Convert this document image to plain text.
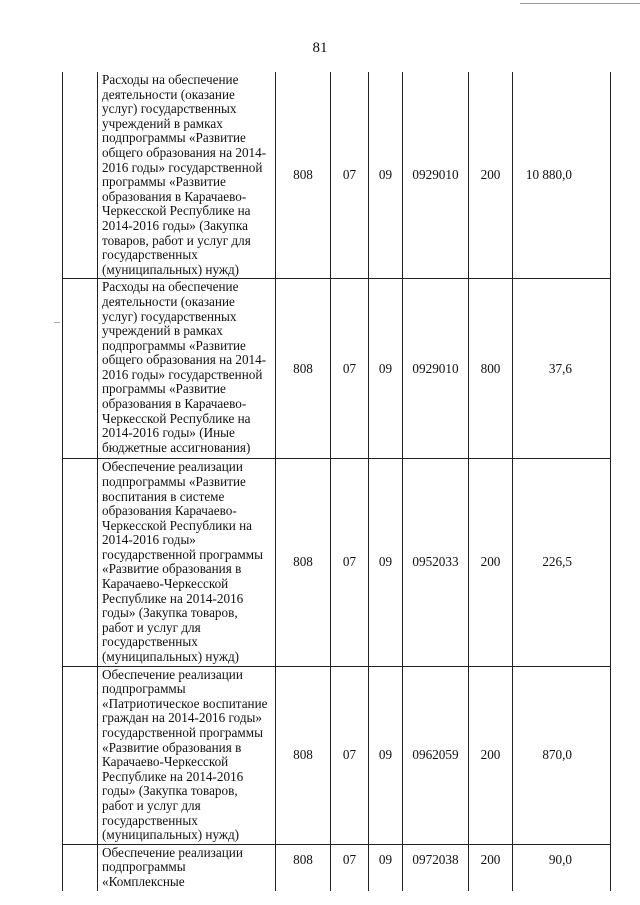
81
	Расходы на обеспечение деятельности (оказание услуг) государственных учреждений в рамках подпрограммы «Развитие общего образования на 2014-2016 годы» государственной программы «Развитие образования в Карачаево-Черкесской Республике на 2014-2016 годы» (Закупка товаров, работ и услуг для государственных (муниципальных) нужд)	808	07	09	0929010	200	10 880,0
	Расходы на обеспечение деятельности (оказание услуг) государственных учреждений в рамках подпрограммы «Развитие общего образования на 2014-2016 годы» государственной программы «Развитие образования в Карачаево-Черкесской Республике на 2014-2016 годы» (Иные бюджетные ассигнования)	808	07	09	0929010	800	37,6
	Обеспечение реализации подпрограммы «Развитие воспитания в системе образования Карачаево-Черкесской Республики на 2014-2016 годы» государственной программы «Развитие образования в Карачаево-Черкесской Республике на 2014-2016 годы» (Закупка товаров, работ и услуг для государственных (муниципальных) нужд)	808	07	09	0952033	200	226,5
	Обеспечение реализации подпрограммы «Патриотическое воспитание граждан на 2014-2016 годы» государственной программы «Развитие образования в Карачаево-Черкесской Республике на 2014-2016 годы» (Закупка товаров, работ и услуг для государственных (муниципальных) нужд)	808	07	09	0962059	200	870,0
	Обеспечение реализации подпрограммы «Комплексные	808	07	09	0972038	200	90,0
